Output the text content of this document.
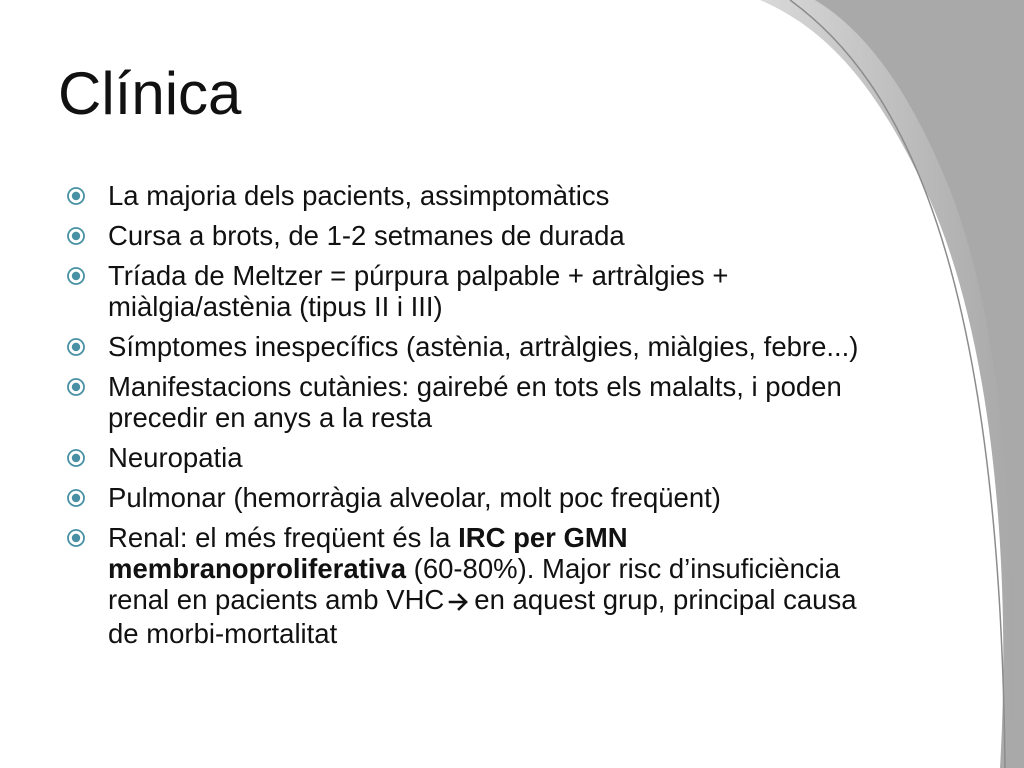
Clínica
La majoria dels pacients, assimptomàtics
Cursa a brots, de 1-2 setmanes de durada
Tríada de Meltzer = púrpura palpable + artràlgies + miàlgia/astènia (tipus II i III)
Símptomes inespecífics (astènia, artràlgies, miàlgies, febre...)
Manifestacions cutànies: gairebé en tots els malalts, i poden precedir en anys a la resta
Neuropatia
Pulmonar (hemorràgia alveolar, molt poc freqüent)
Renal: el més freqüent és la IRC per GMN membranoproliferativa (60-80%). Major risc d’insuficiència renal en pacients amb VHC en aquest grup, principal causa de morbi-mortalitat
